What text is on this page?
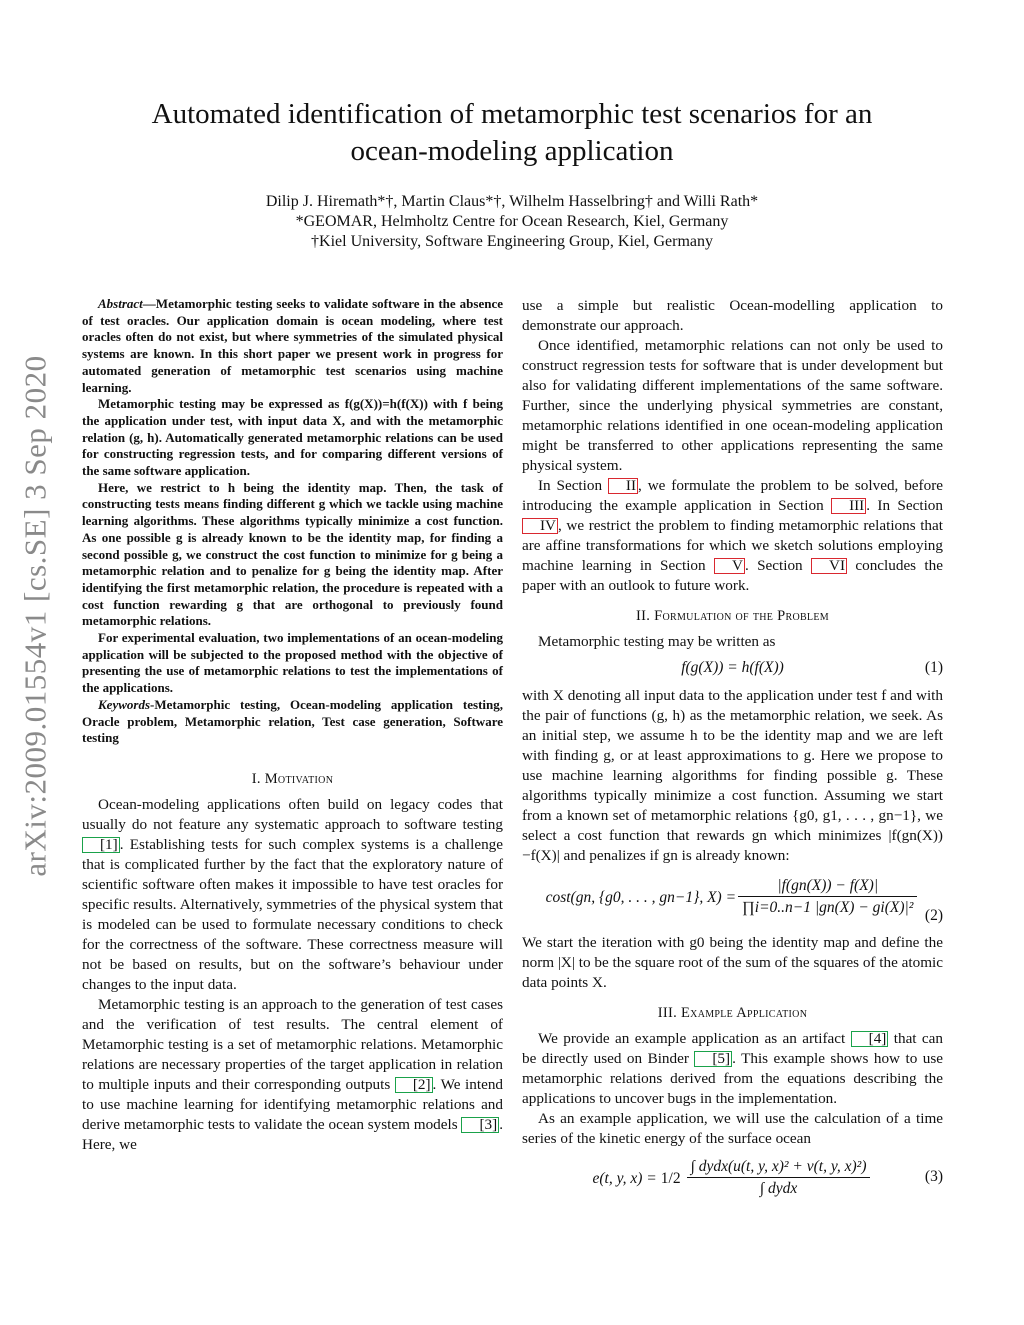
arXiv:2009.01554v1 [cs.SE] 3 Sep 2020
Automated identification of metamorphic test scenarios for an
ocean-modeling application
Dilip J. Hiremath*†, Martin Claus*†, Wilhelm Hasselbring† and Willi Rath*
*GEOMAR, Helmholtz Centre for Ocean Research, Kiel, Germany
†Kiel University, Software Engineering Group, Kiel, Germany

Abstract—Metamorphic testing seeks to validate software in the absence of test oracles. Our application domain is ocean modeling, where test oracles often do not exist, but where symmetries of the simulated physical systems are known. In this short paper we present work in progress for automated generation of metamorphic test scenarios using machine learning.

Metamorphic testing may be expressed as f(g(X))=h(f(X)) with f being the application under test, with input data X, and with the metamorphic relation (g, h). Automatically generated metamorphic relations can be used for constructing regression tests, and for comparing different versions of the same software application.

Here, we restrict to h being the identity map. Then, the task of constructing tests means finding different g which we tackle using machine learning algorithms. These algorithms typically minimize a cost function. As one possible g is already known to be the identity map, for finding a second possible g, we construct the cost function to minimize for g being a metamorphic relation and to penalize for g being the identity map. After identifying the first metamorphic relation, the procedure is repeated with a cost function rewarding g that are orthogonal to previously found metamorphic relations.

For experimental evaluation, two implementations of an ocean-modeling application will be subjected to the proposed method with the objective of presenting the use of metamorphic relations to test the implementations of the applications.

Keywords-Metamorphic testing, Ocean-modeling application testing, Oracle problem, Metamorphic relation, Test case generation, Software testing

I. Motivation

Ocean-modeling applications often build on legacy codes that usually do not feature any systematic approach to software testing [1] . Establishing tests for such complex systems is a challenge that is complicated further by the fact that the exploratory nature of scientific software often makes it impossible to have test oracles for specific results. Alternatively, symmetries of the physical system that is modeled can be used to formulate necessary conditions to check for the correctness of the software. These correctness measure will not be based on results, but on the software’s behaviour under changes to the input data.

Metamorphic testing is an approach to the generation of test cases and the verification of test results. The central element of Metamorphic testing is a set of metamorphic relations. Metamorphic relations are necessary properties of the target application in relation to multiple inputs and their corresponding outputs [2] . We intend to use machine learning for identifying metamorphic relations and derive metamorphic tests to validate the ocean system models [3] . Here, we

use a simple but realistic Ocean-modelling application to demonstrate our approach.

Once identified, metamorphic relations can not only be used to construct regression tests for software that is under development but also for validating different implementations of the same software. Further, since the underlying physical symmetries are constant, metamorphic relations identified in one ocean-modeling application might be transferred to other applications representing the same physical system.

In Section II , we formulate the problem to be solved, before introducing the example application in Section III . In Section IV , we restrict the problem to finding metamorphic relations that are affine transformations for which we sketch solutions employing machine learning in Section V . Section VI concludes the paper with an outlook to future work.

II. Formulation of the Problem

Metamorphic testing may be written as

f(g(X)) = h(f(X))	(1)

with X denoting all input data to the application under test f and with the pair of functions (g, h) as the metamorphic relation, we seek. As an initial step, we assume h to be the identity map and we are left with finding g, or at least approximations to g. Here we propose to use machine learning algorithms for finding possible g. These algorithms typically minimize a cost function. Assuming we start from a known set of metamorphic relations {g0, g1, . . . , gn−1}, we select a cost function that rewards gn which minimizes |f(gn(X))−f(X)| and penalizes if gn is already known:

cost(gn, {g0, . . . , gn−1}, $X) = \frac{|f(gn(X)) - f(X)|}{\text{∏i=0..n−1 |gn(X) − gi(X)|²}} (2)$

We start the iteration with g0 being the identity map and define the norm |X| to be the square root of the sum of the squares of the atomic data points X.

III. Example Application

We provide an example application as an artifact [4] that can be directly used on Binder [5] . This example shows how to use metamorphic relations derived from the equations describing the applications to uncover bugs in the implementation.

As an example application, we will use the calculation of a time series of the kinetic energy of the surface ocean

e(t, y, $x) = 1/2 \frac{\text{∫ dydx(u(t, y, x)² + v(t, y, x)²)}}{\text{∫ dydx}}$	(3)
